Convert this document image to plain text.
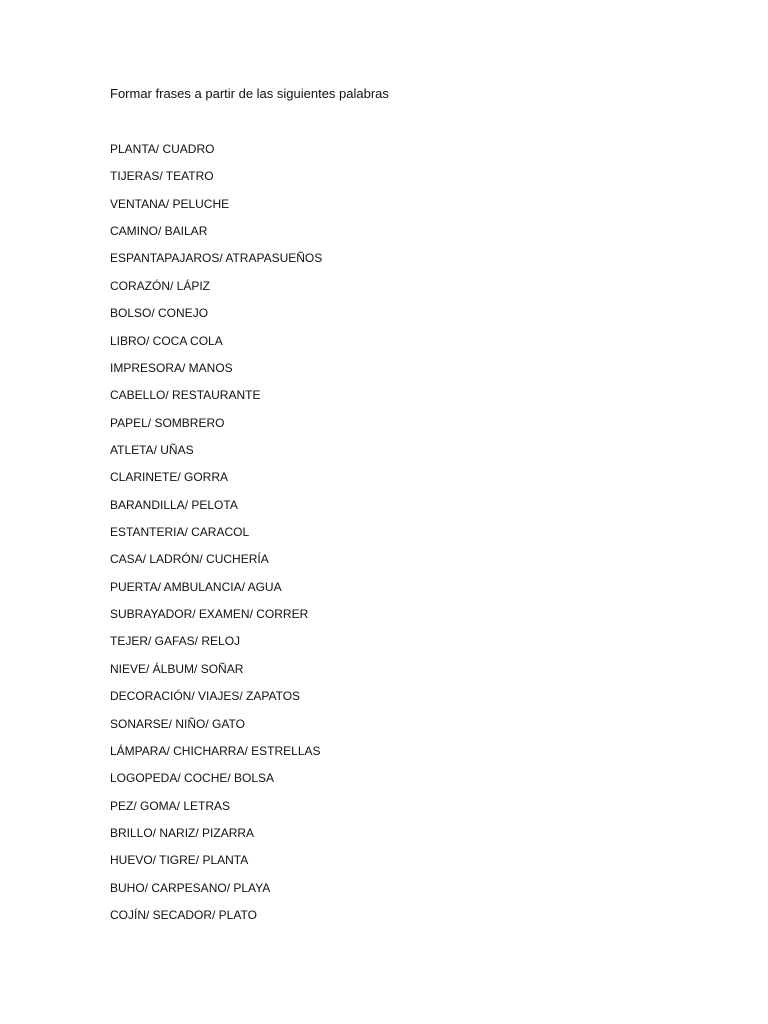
Formar frases a partir de las siguientes palabras
PLANTA/ CUADRO
TIJERAS/ TEATRO
VENTANA/ PELUCHE
CAMINO/ BAILAR
ESPANTAPAJAROS/ ATRAPASUEÑOS
CORAZÓN/ LÁPIZ
BOLSO/ CONEJO
LIBRO/ COCA COLA
IMPRESORA/ MANOS
CABELLO/ RESTAURANTE
PAPEL/ SOMBRERO
ATLETA/ UÑAS
CLARINETE/ GORRA
BARANDILLA/ PELOTA
ESTANTERIA/ CARACOL
CASA/ LADRÓN/ CUCHERÍA
PUERTA/ AMBULANCIA/ AGUA
SUBRAYADOR/ EXAMEN/ CORRER
TEJER/ GAFAS/ RELOJ
NIEVE/ ÁLBUM/ SOÑAR
DECORACIÓN/ VIAJES/ ZAPATOS
SONARSE/ NIÑO/ GATO
LÁMPARA/ CHICHARRA/ ESTRELLAS
LOGOPEDA/ COCHE/ BOLSA
PEZ/ GOMA/ LETRAS
BRILLO/ NARIZ/ PIZARRA
HUEVO/ TIGRE/ PLANTA
BUHO/ CARPESANO/ PLAYA
COJÍN/ SECADOR/ PLATO
